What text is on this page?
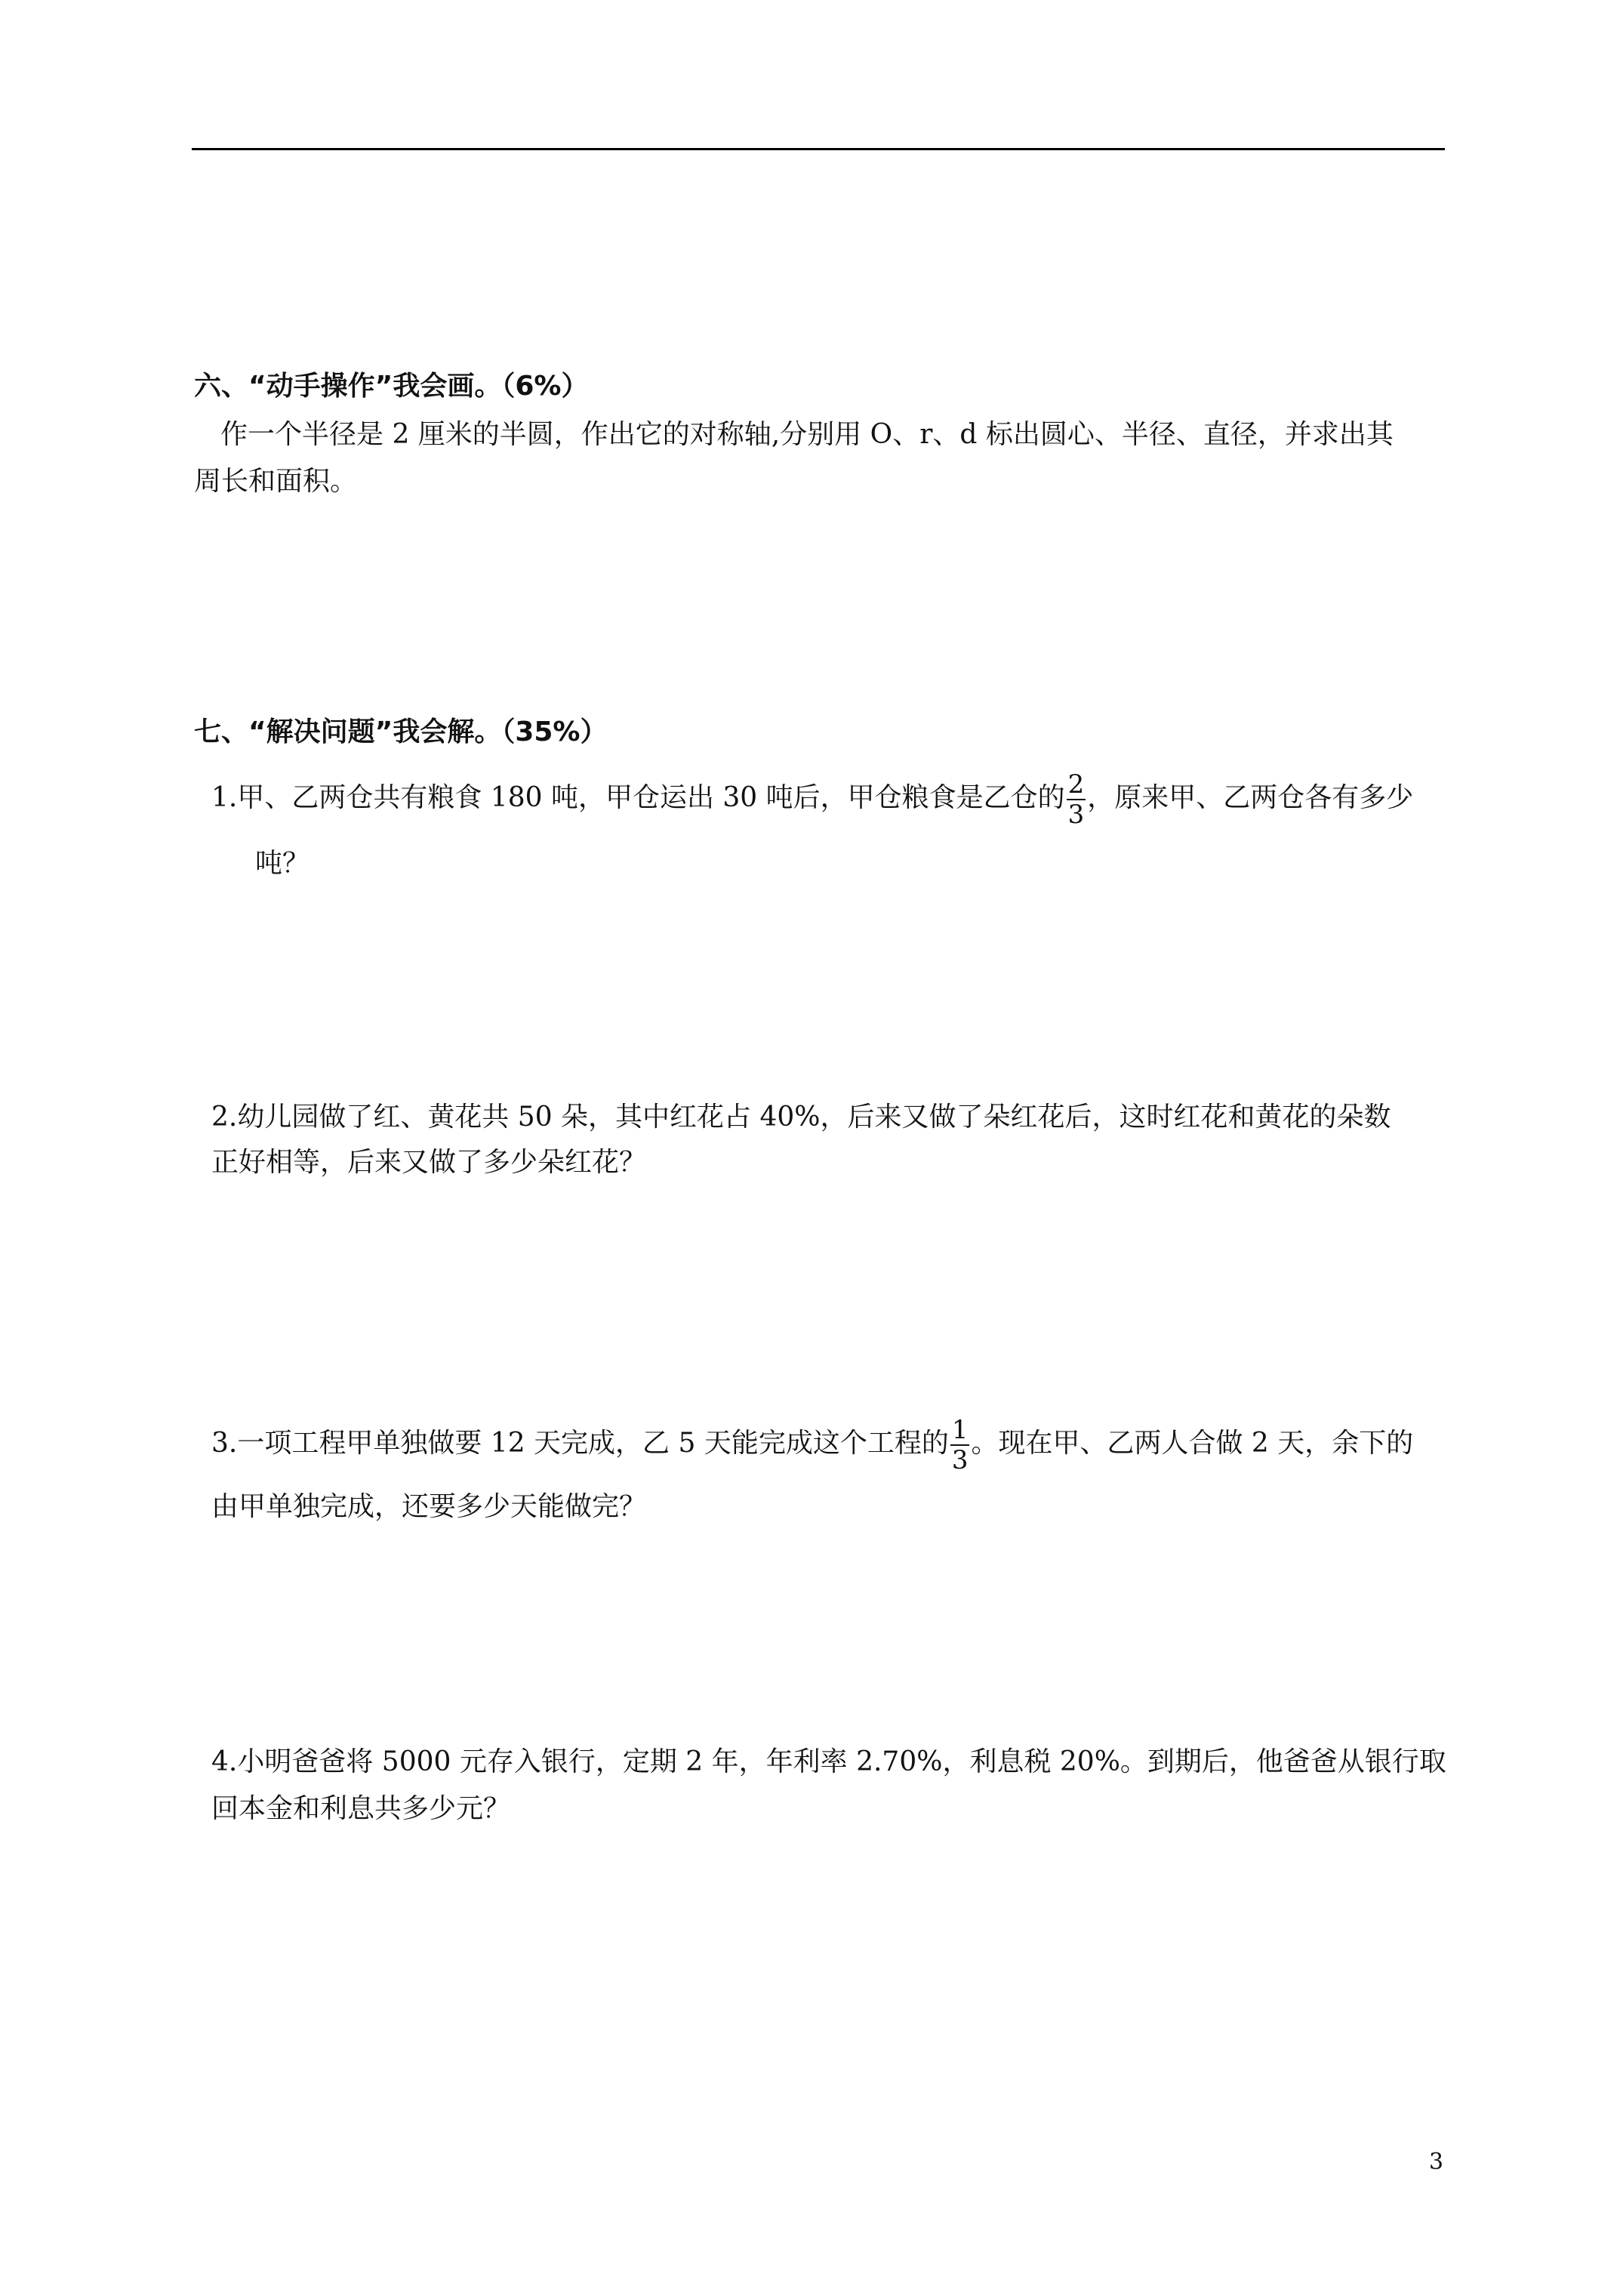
六、“动手操作”我会画。（6%）
作一个半径是 2 厘米的半圆，作出它的对称轴,分别用 O、r、d 标出圆心、半径、直径，并求出其
周长和面积。
七、“解决问题”我会解。（35%）
1.甲、乙两仓共有粮食 180 吨，甲仓运出 30 吨后，甲仓粮食是乙仓的 $\frac{2}{3}$ ，原来甲、乙两仓各有多少
吨？
2.幼儿园做了红、黄花共 50 朵，其中红花占 40%，后来又做了朵红花后，这时红花和黄花的朵数
正好相等，后来又做了多少朵红花？
3.一项工程甲单独做要 12 天完成，乙 5 天能完成这个工程的 $\frac{1}{3}$ 。现在甲、乙两人合做 2 天，余下的
由甲单独完成，还要多少天能做完？
4.小明爸爸将 5000 元存入银行，定期 2 年，年利率 2.70%，利息税 20%。到期后，他爸爸从银行取
回本金和利息共多少元？
3
